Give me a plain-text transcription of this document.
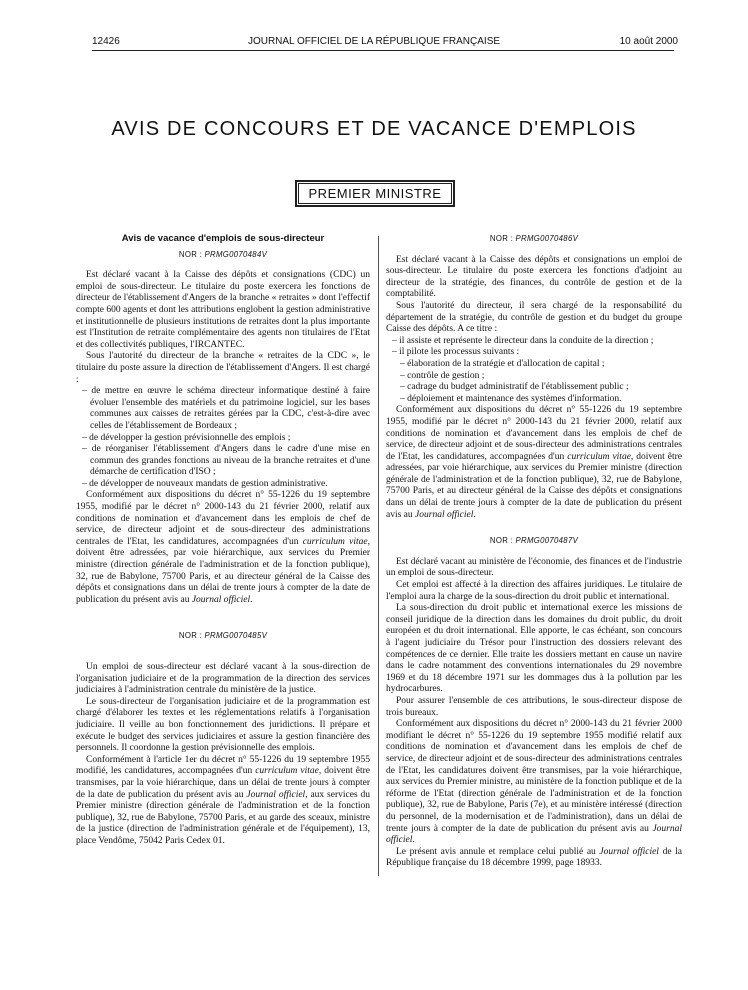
12426	JOURNAL OFFICIEL DE LA RÉPUBLIQUE FRANÇAISE	10 août 2000
AVIS DE CONCOURS ET DE VACANCE D'EMPLOIS
PREMIER MINISTRE

Avis de vacance d'emplois de sous-directeur

NOR : PRMG0070484V

Est déclaré vacant à la Caisse des dépôts et consignations (CDC) un emploi de sous-directeur. Le titulaire du poste exercera les fonctions de directeur de l'établissement d'Angers de la branche « retraites » dont l'effectif compte 600 agents et dont les attributions englobent la gestion administrative et institutionnelle de plusieurs institutions de retraites dont la plus importante est l'Institution de retraite complémentaire des agents non titulaires de l'Etat et des collectivités publiques, l'IRCANTEC.

Sous l'autorité du directeur de la branche « retraites de la CDC », le titulaire du poste assure la direction de l'établissement d'Angers. Il est chargé :

– de mettre en œuvre le schéma directeur informatique destiné à faire évoluer l'ensemble des matériels et du patrimoine logiciel, sur les bases communes aux caisses de retraites gérées par la CDC, c'est-à-dire avec celles de l'établissement de Bordeaux ;

– de développer la gestion prévisionnelle des emplois ;

– de réorganiser l'établissement d'Angers dans le cadre d'une mise en commun des grandes fonctions au niveau de la branche retraites et d'une démarche de certification d'ISO ;

– de développer de nouveaux mandats de gestion administrative.

Conformément aux dispositions du décret n° 55-1226 du 19 septembre 1955, modifié par le décret n° 2000-143 du 21 février 2000, relatif aux conditions de nomination et d'avancement dans les emplois de chef de service, de directeur adjoint et de sous-directeur des administrations centrales de l'Etat, les candidatures, accompagnées d'un curriculum vitae, doivent être adressées, par voie hiérarchique, aux services du Premier ministre (direction générale de l'administration et de la fonction publique), 32, rue de Babylone, 75700 Paris, et au directeur général de la Caisse des dépôts et consignations dans un délai de trente jours à compter de la date de publication du présent avis au Journal officiel.

NOR : PRMG0070485V

Un emploi de sous-directeur est déclaré vacant à la sous-direction de l'organisation judiciaire et de la programmation de la direction des services judiciaires à l'administration centrale du ministère de la justice.

Le sous-directeur de l'organisation judiciaire et de la programmation est chargé d'élaborer les textes et les réglementations relatifs à l'organisation judiciaire. Il veille au bon fonctionnement des juridictions. Il prépare et exécute le budget des services judiciaires et assure la gestion financière des personnels. Il coordonne la gestion prévisionnelle des emplois.

Conformément à l'article 1er du décret n° 55-1226 du 19 septembre 1955 modifié, les candidatures, accompagnées d'un curriculum vitae, doivent être transmises, par la voie hiérarchique, dans un délai de trente jours à compter de la date de publication du présent avis au Journal officiel, aux services du Premier ministre (direction générale de l'administration et de la fonction publique), 32, rue de Babylone, 75700 Paris, et au garde des sceaux, ministre de la justice (direction de l'administration générale et de l'équipement), 13, place Vendôme, 75042 Paris Cedex 01.

NOR : PRMG0070486V

Est déclaré vacant à la Caisse des dépôts et consignations un emploi de sous-directeur. Le titulaire du poste exercera les fonctions d'adjoint au directeur de la stratégie, des finances, du contrôle de gestion et de la comptabilité.

Sous l'autorité du directeur, il sera chargé de la responsabilité du département de la stratégie, du contrôle de gestion et du budget du groupe Caisse des dépôts. A ce titre :

– il assiste et représente le directeur dans la conduite de la direction ;

– il pilote les processus suivants :

– élaboration de la stratégie et d'allocation de capital ;

– contrôle de gestion ;

– cadrage du budget administratif de l'établissement public ;

– déploiement et maintenance des systèmes d'information.

Conformément aux dispositions du décret n° 55-1226 du 19 septembre 1955, modifié par le décret n° 2000-143 du 21 février 2000, relatif aux conditions de nomination et d'avancement dans les emplois de chef de service, de directeur adjoint et de sous-directeur des administrations centrales de l'Etat, les candidatures, accompagnées d'un curriculum vitae, doivent être adressées, par voie hiérarchique, aux services du Premier ministre (direction générale de l'administration et de la fonction publique), 32, rue de Babylone, 75700 Paris, et au directeur général de la Caisse des dépôts et consignations dans un délai de trente jours à compter de la date de publication du présent avis au Journal officiel.

NOR : PRMG0070487V

Est déclaré vacant au ministère de l'économie, des finances et de l'industrie un emploi de sous-directeur.

Cet emploi est affecté à la direction des affaires juridiques. Le titulaire de l'emploi aura la charge de la sous-direction du droit public et international.

La sous-direction du droit public et international exerce les missions de conseil juridique de la direction dans les domaines du droit public, du droit européen et du droit international. Elle apporte, le cas échéant, son concours à l'agent judiciaire du Trésor pour l'instruction des dossiers relevant des compétences de ce dernier. Elle traite les dossiers mettant en cause un navire dans le cadre notamment des conventions internationales du 29 novembre 1969 et du 18 décembre 1971 sur les dommages dus à la pollution par les hydrocarbures.

Pour assurer l'ensemble de ces attributions, le sous-directeur dispose de trois bureaux.

Conformément aux dispositions du décret n° 2000-143 du 21 février 2000 modifiant le décret n° 55-1226 du 19 septembre 1955 modifié relatif aux conditions de nomination et d'avancement dans les emplois de chef de service, de directeur adjoint et de sous-directeur des administrations centrales de l'Etat, les candidatures doivent être transmises, par la voie hiérarchique, aux services du Premier ministre, au ministère de la fonction publique et de la réforme de l'Etat (direction générale de l'administration et de la fonction publique), 32, rue de Babylone, Paris (7e), et au ministère intéressé (direction du personnel, de la modernisation et de l'administration), dans un délai de trente jours à compter de la date de publication du présent avis au Journal officiel.

Le présent avis annule et remplace celui publié au Journal officiel de la République française du 18 décembre 1999, page 18933.
